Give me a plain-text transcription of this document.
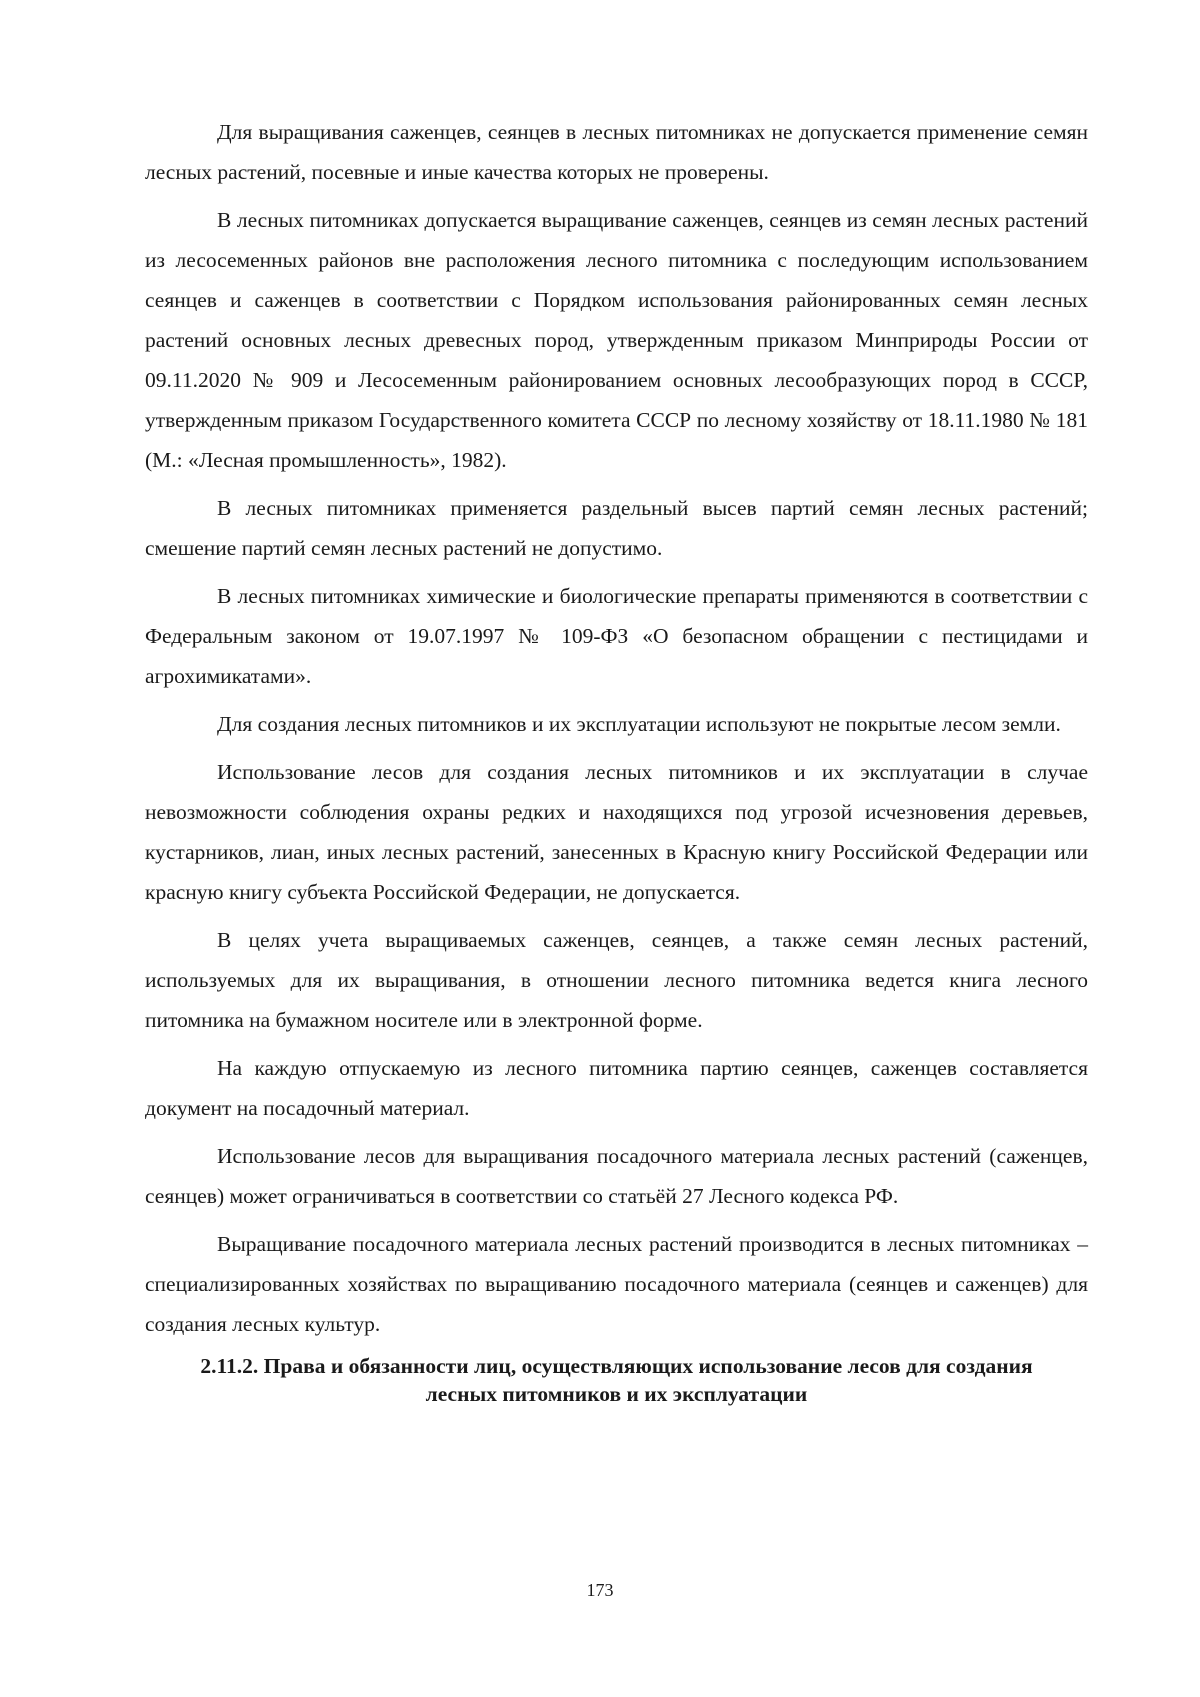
Для выращивания саженцев, сеянцев в лесных питомниках не допускается применение семян лесных растений, посевные и иные качества которых не проверены.

В лесных питомниках допускается выращивание саженцев, сеянцев из семян лесных растений из лесосеменных районов вне расположения лесного питомника с последующим использованием сеянцев и саженцев в соответствии с Порядком использования районированных семян лесных растений основных лесных древесных пород, утвержденным приказом Минприроды России от 09.11.2020 № 909 и Лесосеменным районированием основных лесообразующих пород в СССР, утвержденным приказом Государственного комитета СССР по лесному хозяйству от 18.11.1980 № 181 (М.: «Лесная промышленность», 1982).

В лесных питомниках применяется раздельный высев партий семян лесных растений; смешение партий семян лесных растений не допустимо.

В лесных питомниках химические и биологические препараты применяются в соответствии с Федеральным законом от 19.07.1997 № 109-ФЗ «О безопасном обращении с пестицидами и агрохимикатами».

Для создания лесных питомников и их эксплуатации используют не покрытые лесом земли.

Использование лесов для создания лесных питомников и их эксплуатации в случае невозможности соблюдения охраны редких и находящихся под угрозой исчезновения деревьев, кустарников, лиан, иных лесных растений, занесенных в Красную книгу Российской Федерации или красную книгу субъекта Российской Федерации, не допускается.

В целях учета выращиваемых саженцев, сеянцев, а также семян лесных растений, используемых для их выращивания, в отношении лесного питомника ведется книга лесного питомника на бумажном носителе или в электронной форме.

На каждую отпускаемую из лесного питомника партию сеянцев, саженцев составляется документ на посадочный материал.

Использование лесов для выращивания посадочного материала лесных растений (саженцев, сеянцев) может ограничиваться в соответствии со статьёй 27 Лесного кодекса РФ.

Выращивание посадочного материала лесных растений производится в лесных питомниках – специализированных хозяйствах по выращиванию посадочного материала (сеянцев и саженцев) для создания лесных культур.

2.11.2. Права и обязанности лиц, осуществляющих использование лесов для создания
лесных питомников и их эксплуатации
173
